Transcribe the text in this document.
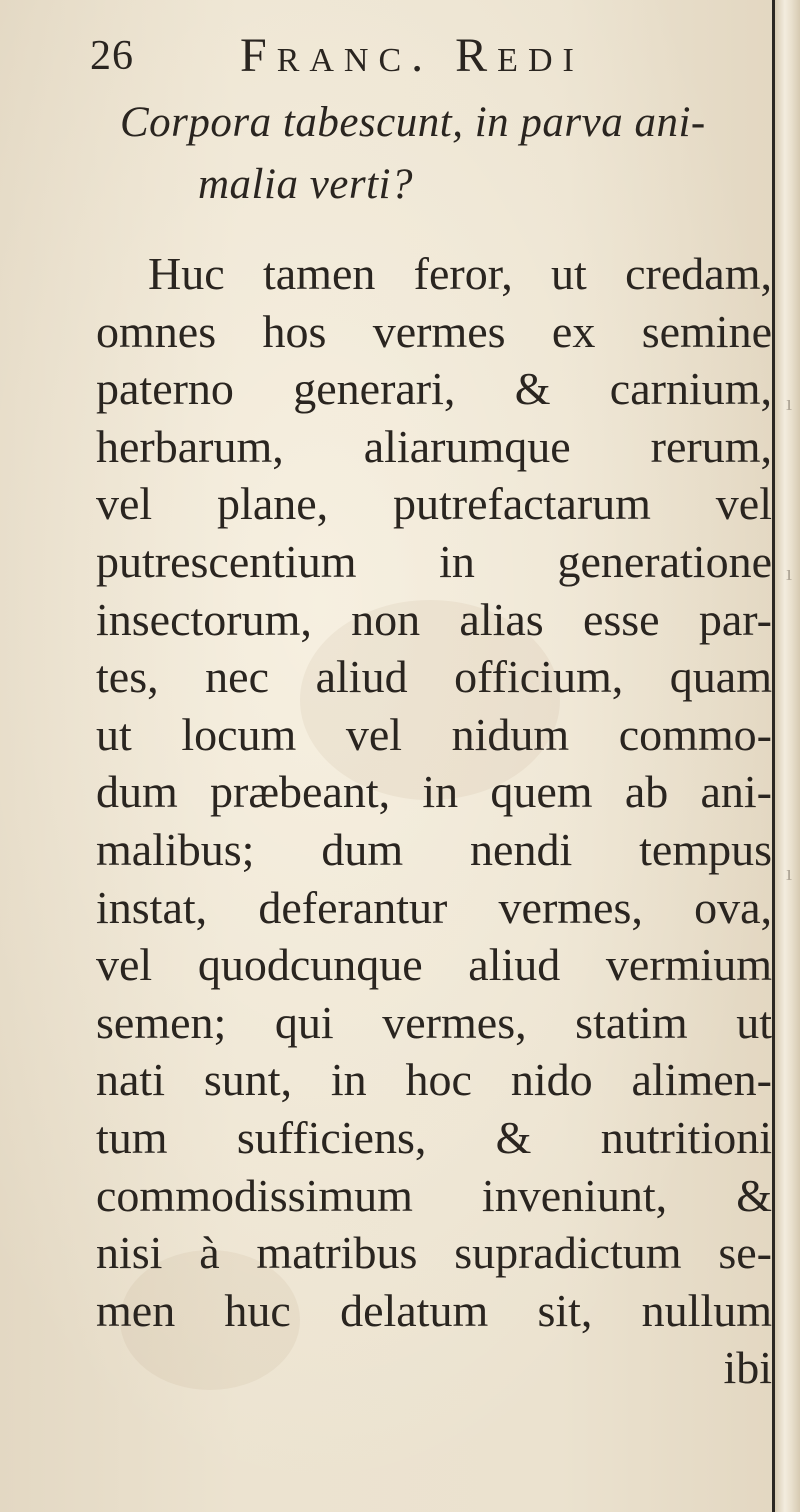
26 Franc. Redi
Corpora tabescunt, in parva ani-
malia verti?
Huc tamen feror, ut credam,
omnes hos vermes ex semine
paterno generari, & carnium,
herbarum, aliarumque rerum,
vel plane, putrefactarum vel
putrescentium in generatione
insectorum, non alias esse par-
tes, nec aliud officium, quam
ut locum vel nidum commo-
dum præbeant, in quem ab ani-
malibus; dum nendi tempus
instat, deferantur vermes, ova,
vel quodcunque aliud vermium
semen; qui vermes, statim ut
nati sunt, in hoc nido alimen-
tum sufficiens, & nutritioni
commodissimum inveniunt, &
nisi à matribus supradictum se-
men huc delatum sit, nullum
ibi
ı
ı
ı
